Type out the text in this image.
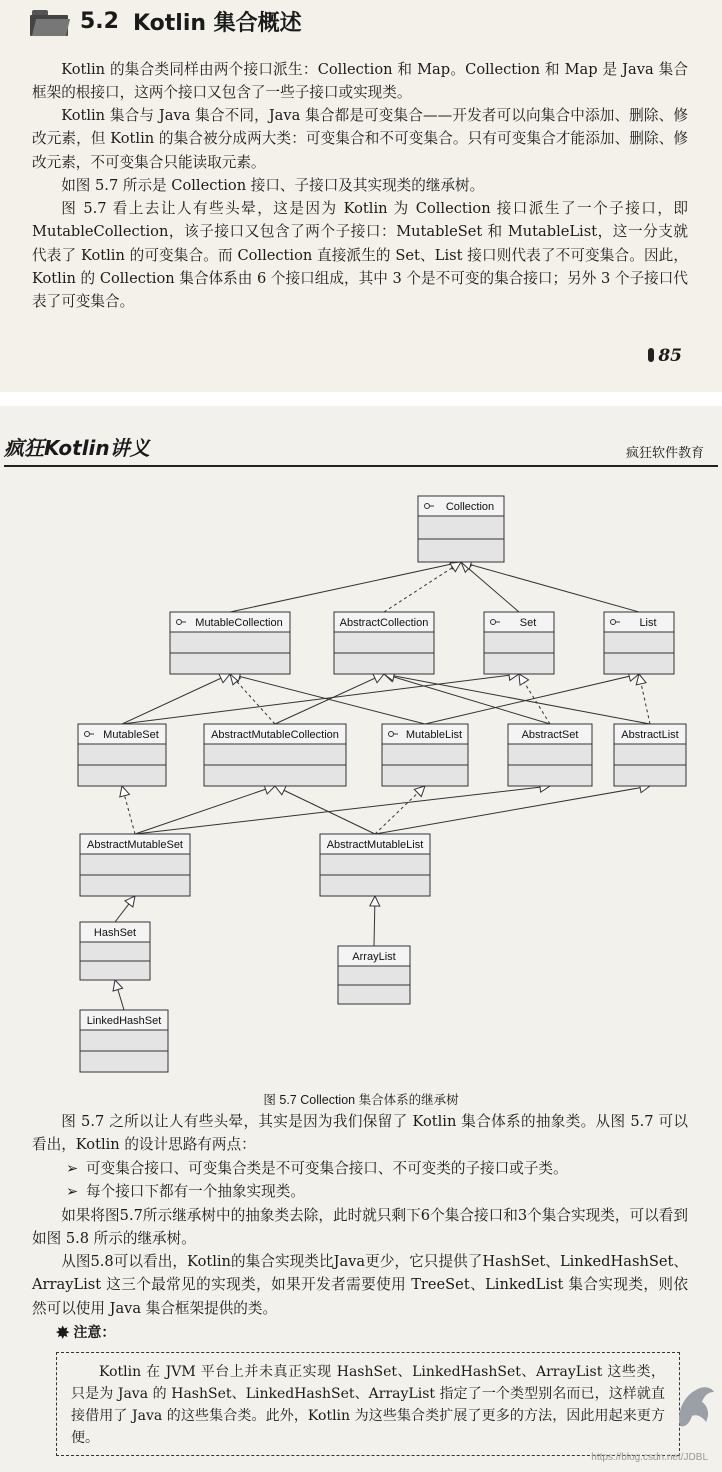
5.2 Kotlin 集合概述
Kotlin 的集合类同样由两个接口派生：Collection 和 Map。Collection 和 Map 是 Java 集合框架的根接口，这两个接口又包含了一些子接口或实现类。
Kotlin 集合与 Java 集合不同，Java 集合都是可变集合——开发者可以向集合中添加、删除、修改元素，但 Kotlin 的集合被分成两大类：可变集合和不可变集合。只有可变集合才能添加、删除、修改元素，不可变集合只能读取元素。
如图 5.7 所示是 Collection 接口、子接口及其实现类的继承树。
图 5.7 看上去让人有些头晕，这是因为 Kotlin 为 Collection 接口派生了一个子接口，即 MutableCollection，该子接口又包含了两个子接口：MutableSet 和 MutableList，这一分支就代表了 Kotlin 的可变集合。而 Collection 直接派生的 Set、List 接口则代表了不可变集合。因此，Kotlin 的 Collection 集合体系由 6 个接口组成，其中 3 个是不可变的集合接口；另外 3 个子接口代表了可变集合。
85
疯狂Kotlin讲义	疯狂软件教育
Collection
MutableCollection	AbstractCollection	Set	List
MutableSet	AbstractMutableCollection	MutableList	AbstractSet	AbstractList
AbstractMutableSet	AbstractMutableList
HashSet
ArrayList
LinkedHashSet
图 5.7 Collection 集合体系的继承树
图 5.7 之所以让人有些头晕，其实是因为我们保留了 Kotlin 集合体系的抽象类。从图 5.7 可以看出，Kotlin 的设计思路有两点：
➢ 可变集合接口、可变集合类是不可变集合接口、不可变类的子接口或子类。
➢ 每个接口下都有一个抽象实现类。
如果将图5.7所示继承树中的抽象类去除，此时就只剩下6个集合接口和3个集合实现类，可以看到如图 5.8 所示的继承树。
从图5.8可以看出，Kotlin的集合实现类比Java更少，它只提供了HashSet、LinkedHashSet、ArrayList 这三个最常见的实现类，如果开发者需要使用 TreeSet、LinkedList 集合实现类，则依然可以使用 Java 集合框架提供的类。
✸ 注意：
Kotlin 在 JVM 平台上并未真正实现 HashSet、LinkedHashSet、ArrayList 这些类，只是为 Java 的 HashSet、LinkedHashSet、ArrayList 指定了一个类型别名而已，这样就直接借用了 Java 的这些集合类。此外，Kotlin 为这些集合类扩展了更多的方法，因此用起来更方便。
https://blog.csdn.net/JDBL
